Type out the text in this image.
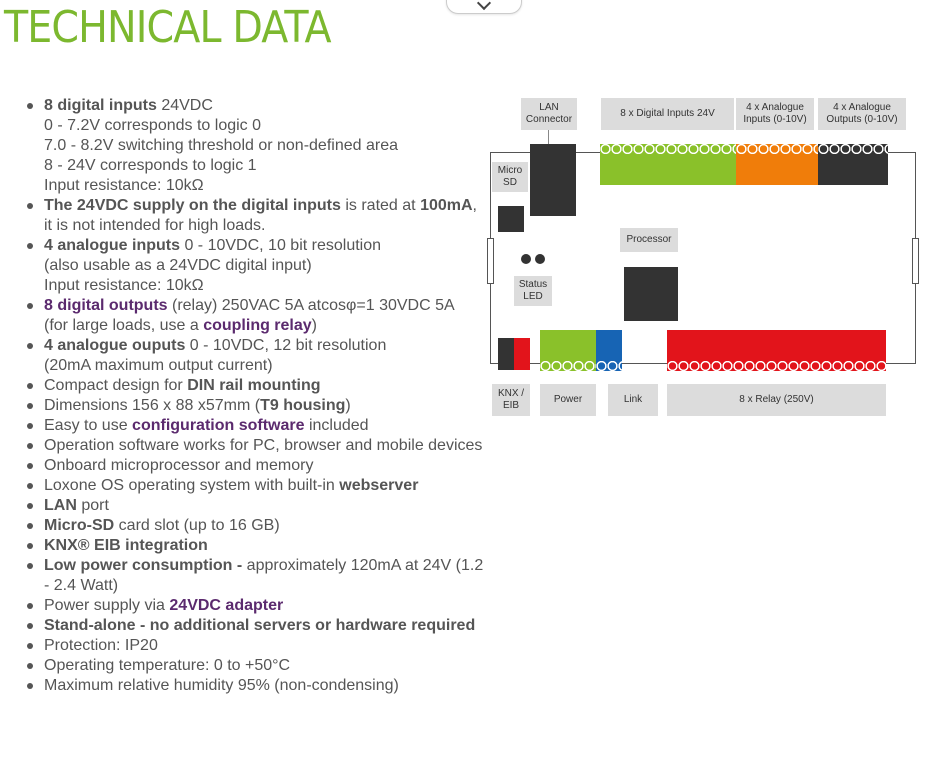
TECHNICAL DATA
8 digital inputs 24VDC
0 - 7.2V corresponds to logic 0
7.0 - 8.2V switching threshold or non-defined area
8 - 24V corresponds to logic 1
Input resistance: 10kΩ
The 24VDC supply on the digital inputs is rated at 100mA, it is not intended for high loads.
4 analogue inputs 0 - 10VDC, 10 bit resolution
(also usable as a 24VDC digital input)
Input resistance: 10kΩ
8 digital outputs (relay) 250VAC 5A atcosφ=1 30VDC 5A
(for large loads, use a coupling relay)
4 analogue ouputs 0 - 10VDC, 12 bit resolution
(20mA maximum output current)
Compact design for DIN rail mounting
Dimensions 156 x 88 x57mm (T9 housing)
Easy to use configuration software included
Operation software works for PC, browser and mobile devices
Onboard microprocessor and memory
Loxone OS operating system with built-in webserver
LAN port
Micro-SD card slot (up to 16 GB)
KNX® EIB integration
Low power consumption - approximately 120mA at 24V (1.2 - 2.4 Watt)
Power supply via 24VDC adapter
Stand-alone - no additional servers or hardware required
Protection: IP20
Operating temperature: 0 to +50°C
Maximum relative humidity 95% (non-condensing)
LAN Connector
8 x Digital Inputs 24V
4 x Analogue Inputs (0-10V)
4 x Analogue Outputs (0-10V)
Micro SD
Processor
Status LED
KNX / EIB
Power	Link	8 x Relay (250V)
